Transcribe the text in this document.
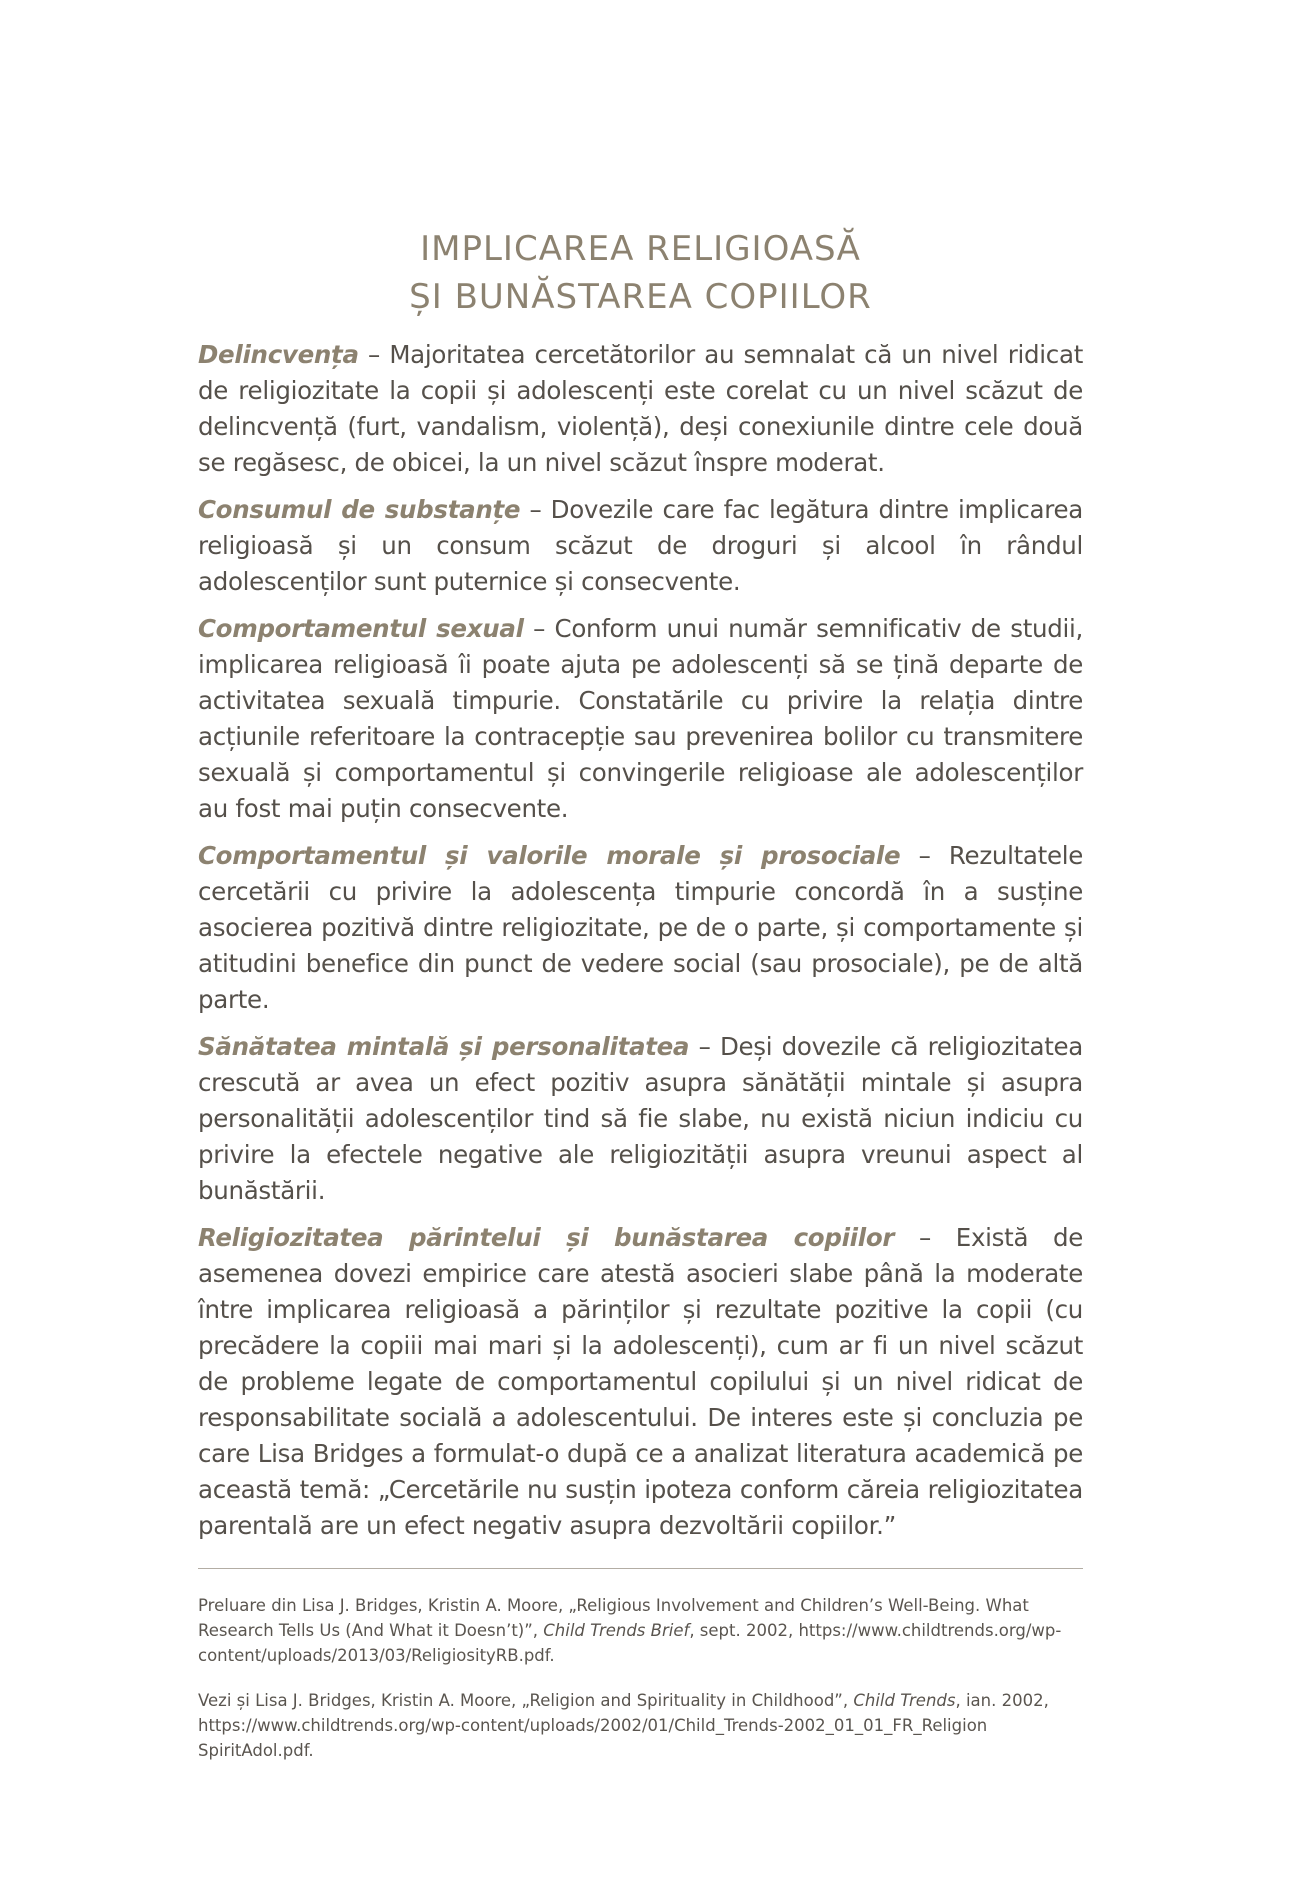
IMPLICAREA RELIGIOASĂ
ȘI BUNĂSTAREA COPIILOR

Delincvența – Majoritatea cercetătorilor au semnalat că un nivel ridicat de religiozitate la copii și adolescenți este corelat cu un nivel scăzut de delincvență (furt, vandalism, violență), deși conexiunile dintre cele două se regăsesc, de obicei, la un nivel scăzut înspre moderat.

Consumul de substanțe – Dovezile care fac legătura dintre implicarea religioasă și un consum scăzut de droguri și alcool în rândul adolescenților sunt puternice și consecvente.

Comportamentul sexual – Conform unui număr semnificativ de studii, implicarea religioasă îi poate ajuta pe adolescenți să se țină departe de activitatea sexuală timpurie. Constatările cu privire la relația dintre acțiunile referitoare la contracepție sau prevenirea bolilor cu transmitere sexuală și comportamentul și convingerile religioase ale adolescenților au fost mai puțin consecvente.

Comportamentul și valorile morale și prosociale – Rezultatele cercetării cu privire la adolescența timpurie concordă în a susține asocierea pozitivă dintre religiozitate, pe de o parte, și comportamente și atitudini benefice din punct de vedere social (sau prosociale), pe de altă parte.

Sănătatea mintală și personalitatea – Deși dovezile că religiozitatea crescută ar avea un efect pozitiv asupra sănătății mintale și asupra personalității adolescenților tind să fie slabe, nu există niciun indiciu cu privire la efectele negative ale religiozității asupra vreunui aspect al bunăstării.

Religiozitatea părintelui și bunăstarea copiilor – Există de asemenea dovezi empirice care atestă asocieri slabe până la moderate între implicarea religioasă a părinților și rezultate pozitive la copii (cu precădere la copiii mai mari și la adolescenți), cum ar fi un nivel scăzut de probleme legate de comportamentul copilului și un nivel ridicat de responsabilitate socială a adolescentului. De interes este și concluzia pe care Lisa Bridges a formulat-o după ce a analizat literatura academică pe această temă: „Cercetările nu susțin ipoteza conform căreia religiozitatea parentală are un efect negativ asupra dezvoltării copiilor.”

Preluare din Lisa J. Bridges, Kristin A. Moore, „Religious Involvement and Children’s Well-Being. What Research Tells Us (And What it Doesn’t)”, Child Trends Brief, sept. 2002, https://www.childtrends.org/wp-content/uploads/2013/03/ReligiosityRB.pdf.

Vezi și Lisa J. Bridges, Kristin A. Moore, „Religion and Spirituality in Childhood”, Child Trends, ian. 2002, https://www.childtrends.org/wp-content/uploads/2002/01/Child_Trends-2002_01_01_FR_Religion SpiritAdol.pdf.
